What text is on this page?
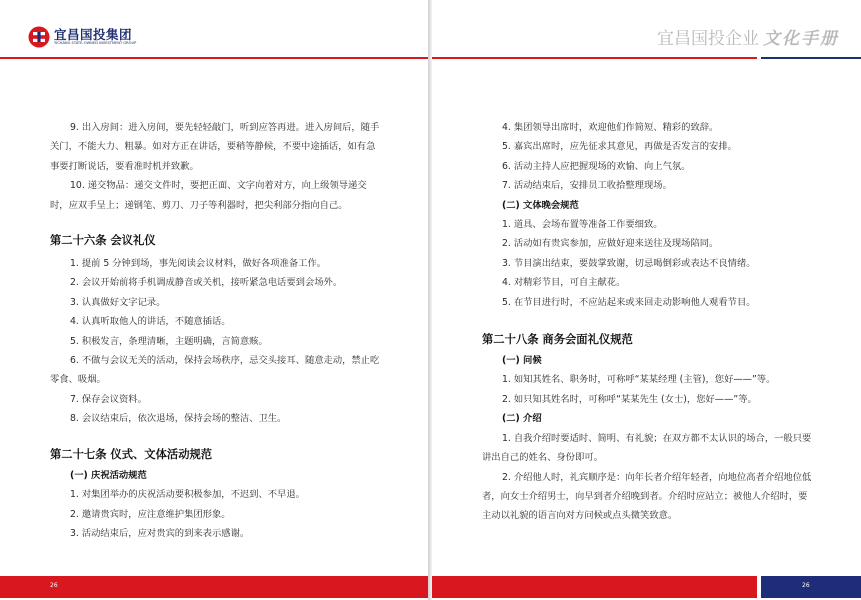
宜昌国投集团
YICHANG STATE-OWNED INVESTMENT GROUP

9. 出入房间：进入房间，要先轻轻敲门，听到应答再进。进入房间后，随手关门，不能大力、粗暴。如对方正在讲话，要稍等静候，不要中途插话，如有急事要打断说话，要看准时机并致歉。

10. 递交物品：递交文件时，要把正面、文字向着对方，向上级领导递交时，应双手呈上；递钢笔、剪刀、刀子等利器时，把尖利部分指向自己。

第二十六条 会议礼仪

1. 提前 5 分钟到场，事先阅读会议材料，做好各项准备工作。

2. 会议开始前将手机调成静音或关机，接听紧急电话要到会场外。

3. 认真做好文字记录。

4. 认真听取他人的讲话，不随意插话。

5. 积极发言，条理清晰，主题明确，言简意赅。

6. 不做与会议无关的活动，保持会场秩序，忌交头接耳、随意走动，禁止吃零食、吸烟。

7. 保存会议资料。

8. 会议结束后，依次退场，保持会场的整洁、卫生。

第二十七条 仪式、文体活动规范

(一) 庆祝活动规范

1. 对集团举办的庆祝活动要积极参加，不迟到、不早退。

2. 邀请贵宾时，应注意维护集团形象。

3. 活动结束后，应对贵宾的到来表示感谢。

26
宜昌国投企业 文化手册

4. 集团领导出席时，欢迎他们作简短、精彩的致辞。

5. 嘉宾出席时，应先征求其意见，再做是否发言的安排。

6. 活动主持人应把握现场的欢愉、向上气氛。

7. 活动结束后，安排员工收拾整理现场。

(二) 文体晚会规范

1. 道具、会场布置等准备工作要细致。

2. 活动如有贵宾参加，应做好迎来送往及现场陪同。

3. 节目演出结束，要鼓掌致谢，切忌喝倒彩或表达不良情绪。

4. 对精彩节目，可自主献花。

5. 在节目进行时，不应站起来或来回走动影响他人观看节目。

第二十八条 商务会面礼仪规范

(一) 问候

1. 如知其姓名、职务时，可称呼“某某经理 (主管)，您好——”等。

2. 如只知其姓名时，可称呼“某某先生 (女士)，您好——”等。

(二) 介绍

1. 自我介绍时要适时、简明、有礼貌；在双方都不太认识的场合，一般只要讲出自己的姓名、身份即可。

2. 介绍他人时，礼宾顺序是：向年长者介绍年轻者，向地位高者介绍地位低者，向女士介绍男士，向早到者介绍晚到者。介绍时应站立；被他人介绍时，要主动以礼貌的语言向对方问候或点头微笑致意。

26
